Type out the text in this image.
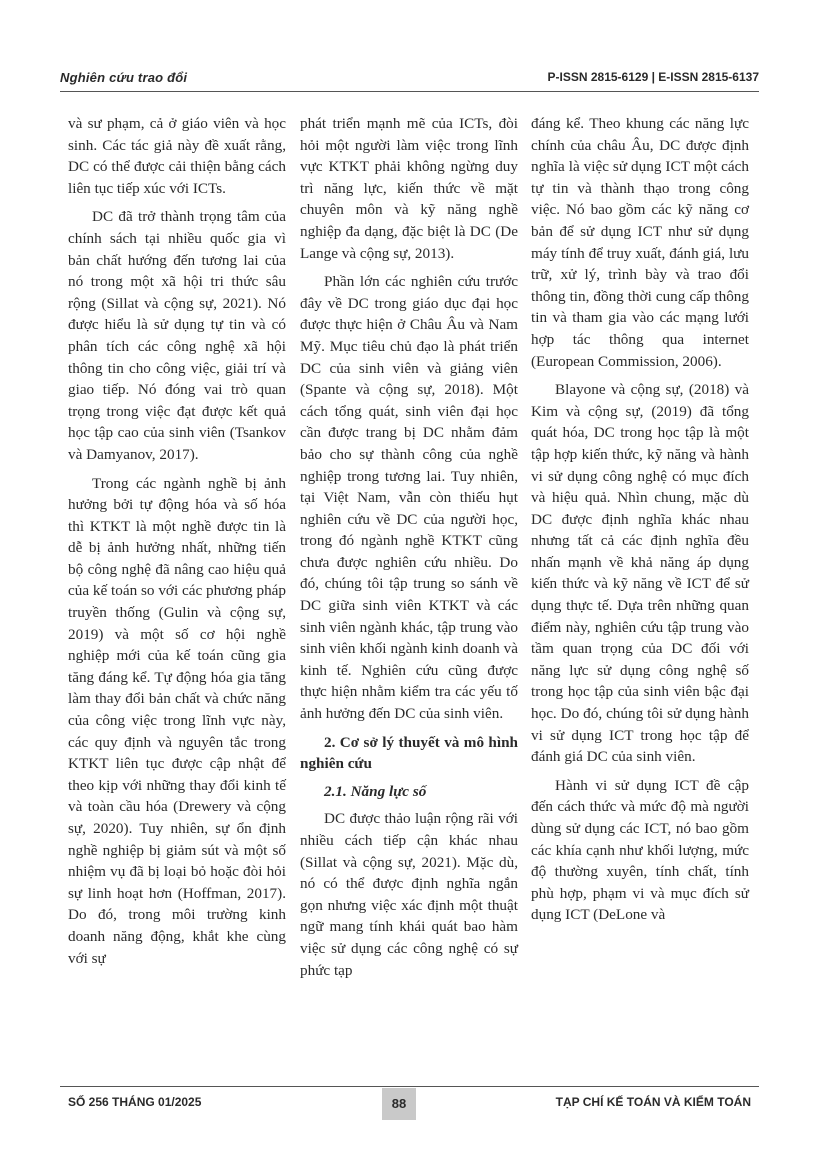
Nghiên cứu trao đổi	P-ISSN 2815-6129 | E-ISSN 2815-6137

và sư phạm, cả ở giáo viên và học sinh. Các tác giả này đề xuất rằng, DC có thể được cải thiện bằng cách liên tục tiếp xúc với ICTs.

DC đã trở thành trọng tâm của chính sách tại nhiều quốc gia vì bản chất hướng đến tương lai của nó trong một xã hội tri thức sâu rộng (Sillat và cộng sự, 2021). Nó được hiểu là sử dụng tự tin và có phân tích các công nghệ xã hội thông tin cho công việc, giải trí và giao tiếp. Nó đóng vai trò quan trọng trong việc đạt được kết quả học tập cao của sinh viên (Tsankov và Damyanov, 2017).

Trong các ngành nghề bị ảnh hưởng bởi tự động hóa và số hóa thì KTKT là một nghề được tin là dễ bị ảnh hưởng nhất, những tiến bộ công nghệ đã nâng cao hiệu quả của kế toán so với các phương pháp truyền thống (Gulin và cộng sự, 2019) và một số cơ hội nghề nghiệp mới của kế toán cũng gia tăng đáng kể. Tự động hóa gia tăng làm thay đổi bản chất và chức năng của công việc trong lĩnh vực này, các quy định và nguyên tắc trong KTKT liên tục được cập nhật để theo kịp với những thay đổi kinh tế và toàn cầu hóa (Drewery và cộng sự, 2020). Tuy nhiên, sự ổn định nghề nghiệp bị giảm sút và một số nhiệm vụ đã bị loại bỏ hoặc đòi hỏi sự linh hoạt hơn (Hoffman, 2017). Do đó, trong môi trường kinh doanh năng động, khắt khe cùng với sự

phát triển mạnh mẽ của ICTs, đòi hỏi một người làm việc trong lĩnh vực KTKT phải không ngừng duy trì năng lực, kiến thức về mặt chuyên môn và kỹ năng nghề nghiệp đa dạng, đặc biệt là DC (De Lange và cộng sự, 2013).

Phần lớn các nghiên cứu trước đây về DC trong giáo dục đại học được thực hiện ở Châu Âu và Nam Mỹ. Mục tiêu chủ đạo là phát triển DC của sinh viên và giảng viên (Spante và cộng sự, 2018). Một cách tổng quát, sinh viên đại học cần được trang bị DC nhằm đảm bảo cho sự thành công của nghề nghiệp trong tương lai. Tuy nhiên, tại Việt Nam, vẫn còn thiếu hụt nghiên cứu về DC của người học, trong đó ngành nghề KTKT cũng chưa được nghiên cứu nhiều. Do đó, chúng tôi tập trung so sánh về DC giữa sinh viên KTKT và các sinh viên ngành khác, tập trung vào sinh viên khối ngành kinh doanh và kinh tế. Nghiên cứu cũng được thực hiện nhằm kiểm tra các yếu tố ảnh hưởng đến DC của sinh viên.

2. Cơ sở lý thuyết và mô hình nghiên cứu
2.1. Năng lực số

DC được thảo luận rộng rãi với nhiều cách tiếp cận khác nhau (Sillat và cộng sự, 2021). Mặc dù, nó có thể được định nghĩa ngắn gọn nhưng việc xác định một thuật ngữ mang tính khái quát bao hàm việc sử dụng các công nghệ có sự phức tạp

đáng kể. Theo khung các năng lực chính của châu Âu, DC được định nghĩa là việc sử dụng ICT một cách tự tin và thành thạo trong công việc. Nó bao gồm các kỹ năng cơ bản để sử dụng ICT như sử dụng máy tính để truy xuất, đánh giá, lưu trữ, xử lý, trình bày và trao đổi thông tin, đồng thời cung cấp thông tin và tham gia vào các mạng lưới hợp tác thông qua internet (European Commission, 2006).

Blayone và cộng sự, (2018) và Kim và cộng sự, (2019) đã tổng quát hóa, DC trong học tập là một tập hợp kiến thức, kỹ năng và hành vi sử dụng công nghệ có mục đích và hiệu quả. Nhìn chung, mặc dù DC được định nghĩa khác nhau nhưng tất cả các định nghĩa đều nhấn mạnh về khả năng áp dụng kiến thức và kỹ năng về ICT để sử dụng thực tế. Dựa trên những quan điểm này, nghiên cứu tập trung vào tầm quan trọng của DC đối với năng lực sử dụng công nghệ số trong học tập của sinh viên bậc đại học. Do đó, chúng tôi sử dụng hành vi sử dụng ICT trong học tập để đánh giá DC của sinh viên.

Hành vi sử dụng ICT đề cập đến cách thức và mức độ mà người dùng sử dụng các ICT, nó bao gồm các khía cạnh như khối lượng, mức độ thường xuyên, tính chất, tính phù hợp, phạm vi và mục đích sử dụng ICT (DeLone và

SỐ 256 THÁNG 01/2025	88	TẠP CHÍ KẾ TOÁN VÀ KIỂM TOÁN
